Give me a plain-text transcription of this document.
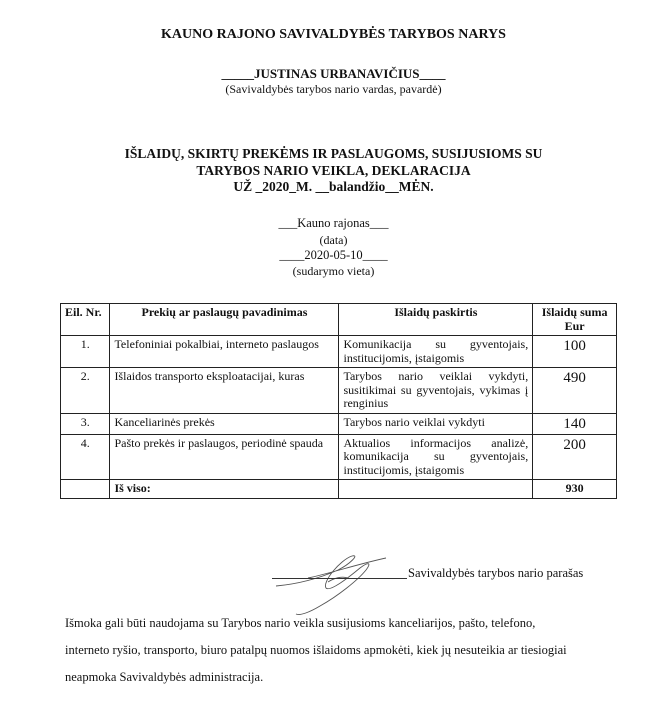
KAUNO RAJONO SAVIVALDYBĖS TARYBOS NARYS
_____JUSTINAS URBANAVIČIUS____
(Savivaldybės tarybos nario vardas, pavardė)
IŠLAIDŲ, SKIRTŲ PREKĖMS IR PASLAUGOMS, SUSIJUSIOMS SU
TARYBOS NARIO VEIKLA, DEKLARACIJA
UŽ _2020_M. __balandžio__MĖN.
___Kauno rajonas___
(data)
____2020-05-10____
(sudarymo vieta)
Eil. Nr.	Prekių ar paslaugų pavadinimas	Išlaidų paskirtis	Išlaidų suma Eur
1.	Telefoniniai pokalbiai, interneto paslaugos	Komunikacija su gyventojais, institucijomis, įstaigomis	100
2.	Išlaidos transporto eksploatacijai, kuras	Tarybos nario veiklai vykdyti, susitikimai su gyventojais, vykimas į renginius	490
3.	Kanceliarinės prekės	Tarybos nario veiklai vykdyti	140
4.	Pašto prekės ir paslaugos, periodinė spauda	Aktualios informacijos analizė, komunikacija su gyventojais, institucijomis, įstaigomis	200
	Iš viso:		930
Savivaldybės tarybos nario parašas
Išmoka gali būti naudojama su Tarybos nario veikla susijusioms kanceliarijos, pašto, telefono,
interneto ryšio, transporto, biuro patalpų nuomos išlaidoms apmokėti, kiek jų nesuteikia ar tiesiogiai
neapmoka Savivaldybės administracija.
